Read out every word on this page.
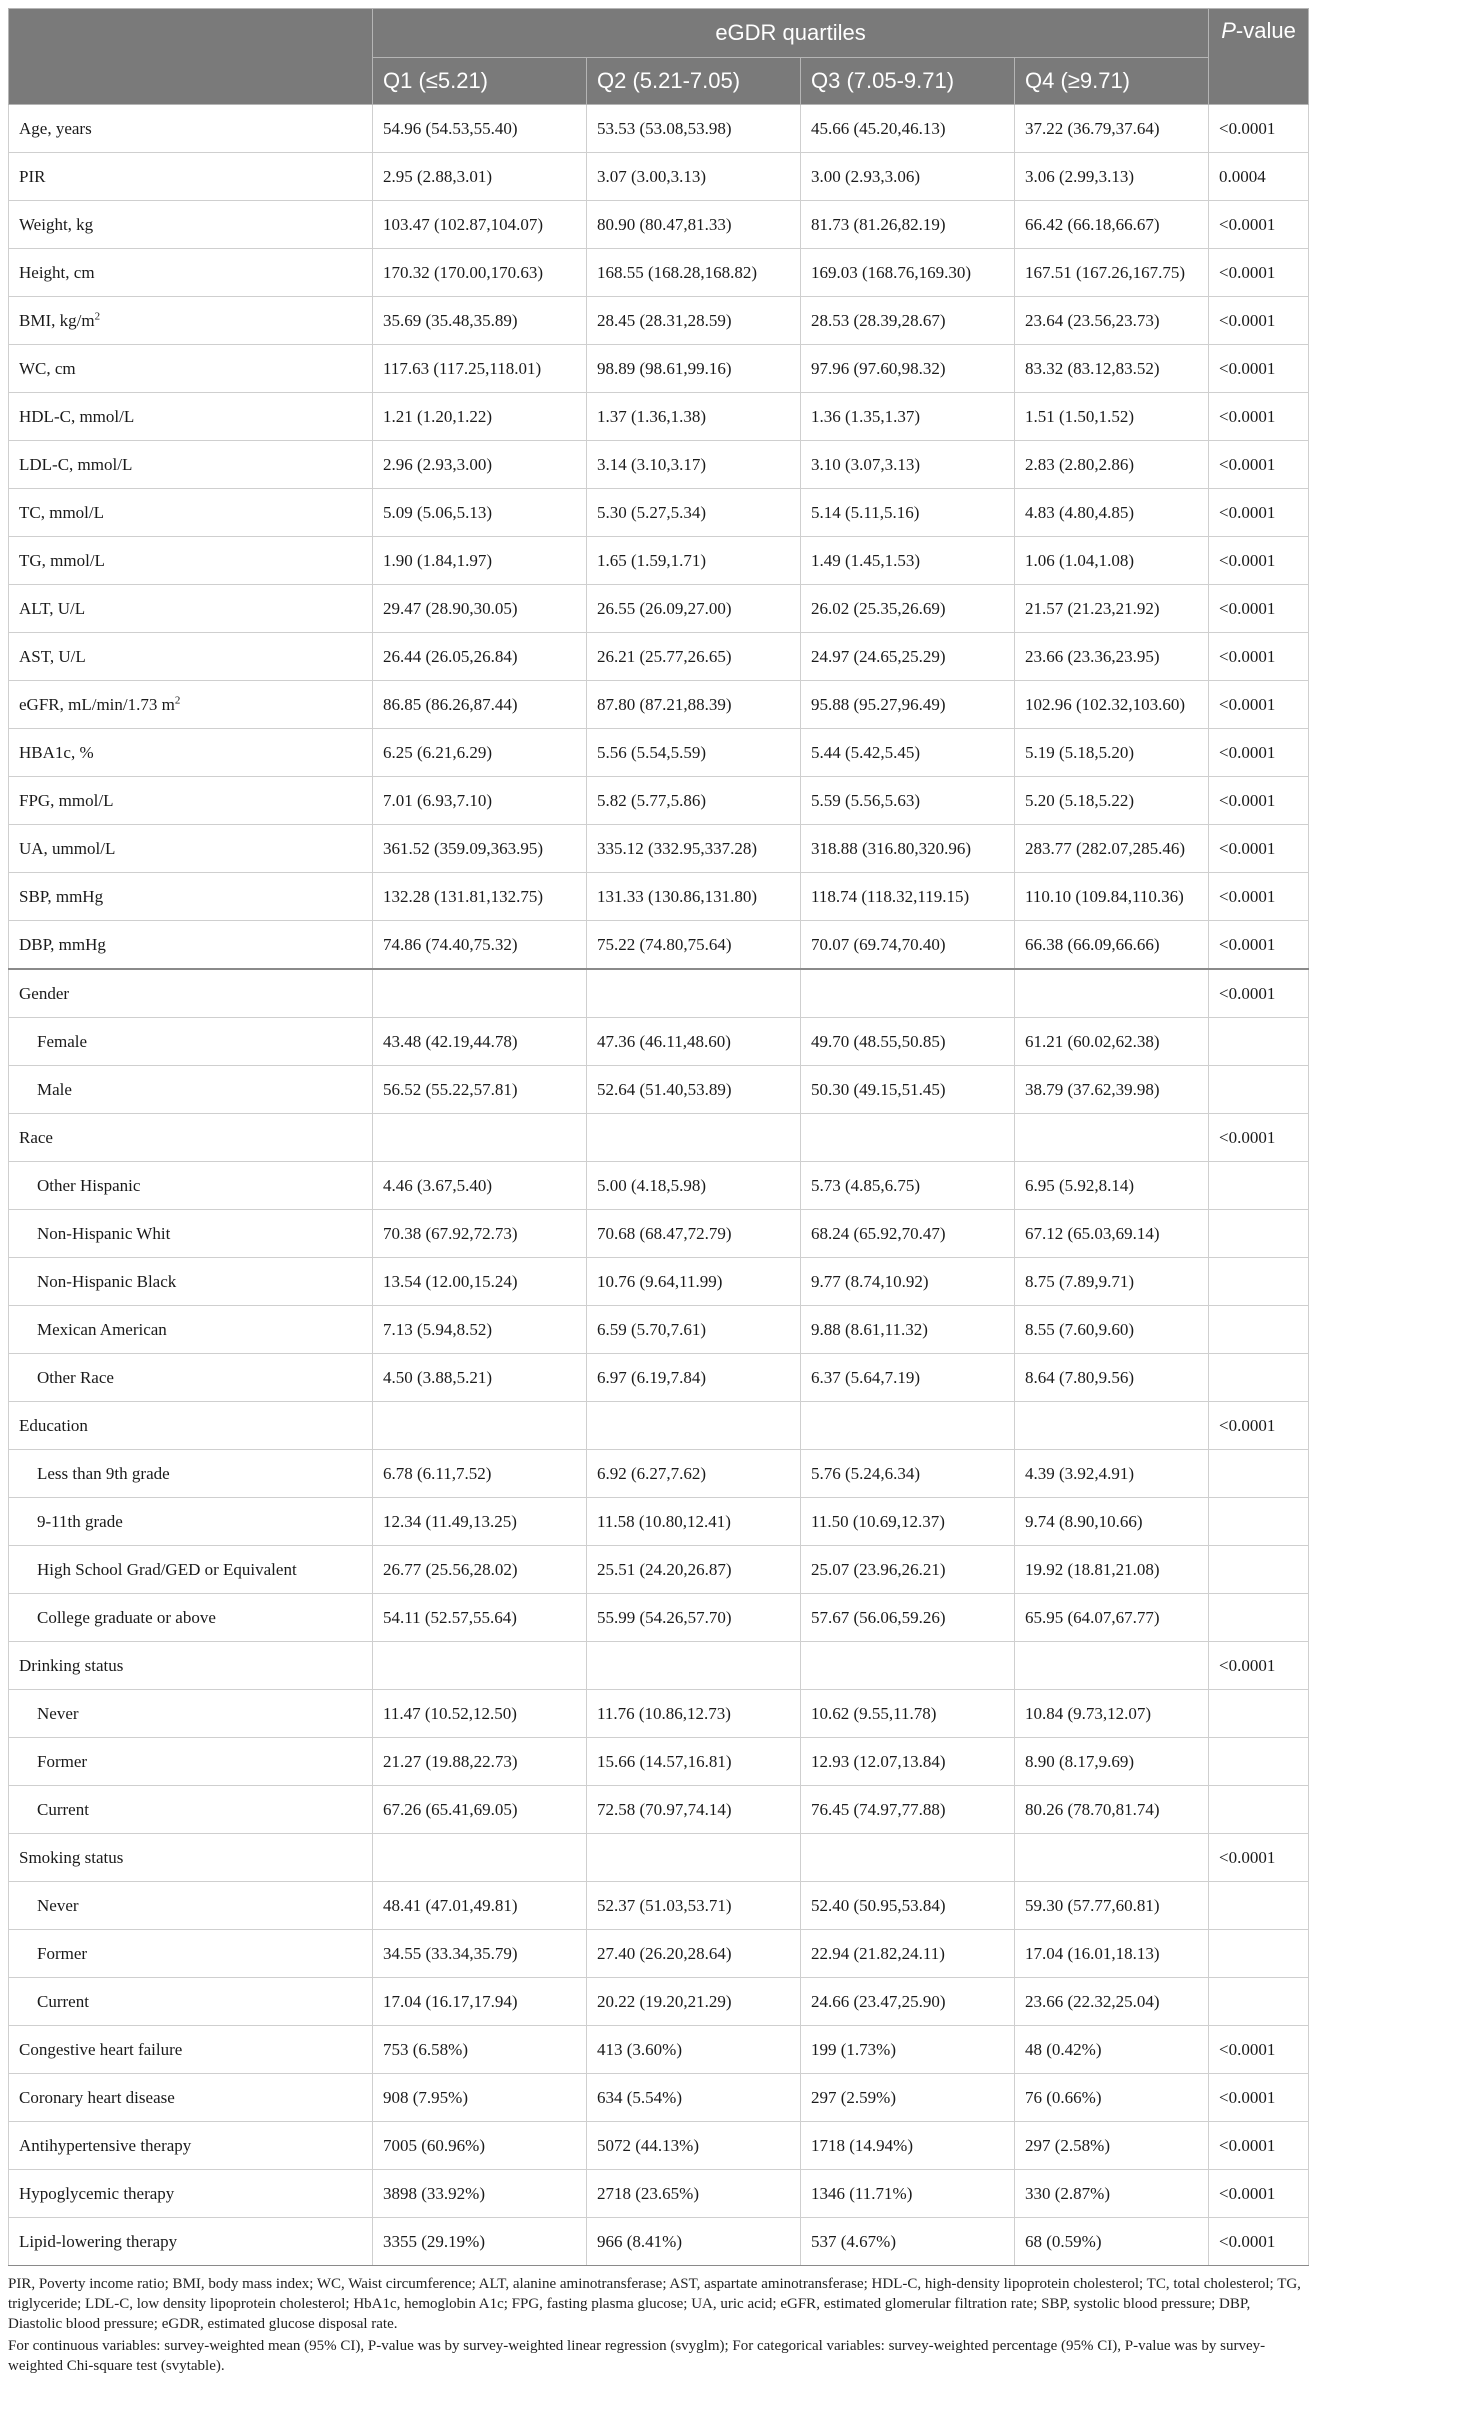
	eGDR quartiles				P-value
	Q1 (≤5.21)	Q2 (5.21-7.05)	Q3 (7.05-9.71)	Q4 (≥9.71)	
Age, years	54.96 (54.53,55.40)	53.53 (53.08,53.98)	45.66 (45.20,46.13)	37.22 (36.79,37.64)	<0.0001
PIR	2.95 (2.88,3.01)	3.07 (3.00,3.13)	3.00 (2.93,3.06)	3.06 (2.99,3.13)	0.0004
Weight, kg	103.47 (102.87,104.07)	80.90 (80.47,81.33)	81.73 (81.26,82.19)	66.42 (66.18,66.67)	<0.0001
Height, cm	170.32 (170.00,170.63)	168.55 (168.28,168.82)	169.03 (168.76,169.30)	167.51 (167.26,167.75)	<0.0001
BMI, $kg/m^2$	35.69 (35.48,35.89)	28.45 (28.31,28.59)	28.53 (28.39,28.67)	23.64 (23.56,23.73)	<0.0001
WC, cm	117.63 (117.25,118.01)	98.89 (98.61,99.16)	97.96 (97.60,98.32)	83.32 (83.12,83.52)	<0.0001
HDL-C, mmol/L	1.21 (1.20,1.22)	1.37 (1.36,1.38)	1.36 (1.35,1.37)	1.51 (1.50,1.52)	<0.0001
LDL-C, mmol/L	2.96 (2.93,3.00)	3.14 (3.10,3.17)	3.10 (3.07,3.13)	2.83 (2.80,2.86)	<0.0001
TC, mmol/L	5.09 (5.06,5.13)	5.30 (5.27,5.34)	5.14 (5.11,5.16)	4.83 (4.80,4.85)	<0.0001
TG, mmol/L	1.90 (1.84,1.97)	1.65 (1.59,1.71)	1.49 (1.45,1.53)	1.06 (1.04,1.08)	<0.0001
ALT, U/L	29.47 (28.90,30.05)	26.55 (26.09,27.00)	26.02 (25.35,26.69)	21.57 (21.23,21.92)	<0.0001
AST, U/L	26.44 (26.05,26.84)	26.21 (25.77,26.65)	24.97 (24.65,25.29)	23.66 (23.36,23.95)	<0.0001
eGFR, mL/min/1.73 $m^2$	86.85 (86.26,87.44)	87.80 (87.21,88.39)	95.88 (95.27,96.49)	102.96 (102.32,103.60)	<0.0001
HBA1c, %	6.25 (6.21,6.29)	5.56 (5.54,5.59)	5.44 (5.42,5.45)	5.19 (5.18,5.20)	<0.0001
FPG, mmol/L	7.01 (6.93,7.10)	5.82 (5.77,5.86)	5.59 (5.56,5.63)	5.20 (5.18,5.22)	<0.0001
UA, ummol/L	361.52 (359.09,363.95)	335.12 (332.95,337.28)	318.88 (316.80,320.96)	283.77 (282.07,285.46)	<0.0001
SBP, mmHg	132.28 (131.81,132.75)	131.33 (130.86,131.80)	118.74 (118.32,119.15)	110.10 (109.84,110.36)	<0.0001
DBP, mmHg	74.86 (74.40,75.32)	75.22 (74.80,75.64)	70.07 (69.74,70.40)	66.38 (66.09,66.66)	<0.0001
Gender					<0.0001
Female	43.48 (42.19,44.78)	47.36 (46.11,48.60)	49.70 (48.55,50.85)	61.21 (60.02,62.38)	
Male	56.52 (55.22,57.81)	52.64 (51.40,53.89)	50.30 (49.15,51.45)	38.79 (37.62,39.98)	
Race					<0.0001
Other Hispanic	4.46 (3.67,5.40)	5.00 (4.18,5.98)	5.73 (4.85,6.75)	6.95 (5.92,8.14)	
Non-Hispanic Whit	70.38 (67.92,72.73)	70.68 (68.47,72.79)	68.24 (65.92,70.47)	67.12 (65.03,69.14)	
Non-Hispanic Black	13.54 (12.00,15.24)	10.76 (9.64,11.99)	9.77 (8.74,10.92)	8.75 (7.89,9.71)	
Mexican American	7.13 (5.94,8.52)	6.59 (5.70,7.61)	9.88 (8.61,11.32)	8.55 (7.60,9.60)	
Other Race	4.50 (3.88,5.21)	6.97 (6.19,7.84)	6.37 (5.64,7.19)	8.64 (7.80,9.56)	
Education					<0.0001
Less than 9th grade	6.78 (6.11,7.52)	6.92 (6.27,7.62)	5.76 (5.24,6.34)	4.39 (3.92,4.91)	
9-11th grade	12.34 (11.49,13.25)	11.58 (10.80,12.41)	11.50 (10.69,12.37)	9.74 (8.90,10.66)	
High School Grad/GED or Equivalent	26.77 (25.56,28.02)	25.51 (24.20,26.87)	25.07 (23.96,26.21)	19.92 (18.81,21.08)	
College graduate or above	54.11 (52.57,55.64)	55.99 (54.26,57.70)	57.67 (56.06,59.26)	65.95 (64.07,67.77)	
Drinking status					<0.0001
Never	11.47 (10.52,12.50)	11.76 (10.86,12.73)	10.62 (9.55,11.78)	10.84 (9.73,12.07)	
Former	21.27 (19.88,22.73)	15.66 (14.57,16.81)	12.93 (12.07,13.84)	8.90 (8.17,9.69)	
Current	67.26 (65.41,69.05)	72.58 (70.97,74.14)	76.45 (74.97,77.88)	80.26 (78.70,81.74)	
Smoking status					<0.0001
Never	48.41 (47.01,49.81)	52.37 (51.03,53.71)	52.40 (50.95,53.84)	59.30 (57.77,60.81)	
Former	34.55 (33.34,35.79)	27.40 (26.20,28.64)	22.94 (21.82,24.11)	17.04 (16.01,18.13)	
Current	17.04 (16.17,17.94)	20.22 (19.20,21.29)	24.66 (23.47,25.90)	23.66 (22.32,25.04)	
Congestive heart failure	753 (6.58%)	413 (3.60%)	199 (1.73%)	48 (0.42%)	<0.0001
Coronary heart disease	908 (7.95%)	634 (5.54%)	297 (2.59%)	76 (0.66%)	<0.0001
Antihypertensive therapy	7005 (60.96%)	5072 (44.13%)	1718 (14.94%)	297 (2.58%)	<0.0001
Hypoglycemic therapy	3898 (33.92%)	2718 (23.65%)	1346 (11.71%)	330 (2.87%)	<0.0001
Lipid-lowering therapy	3355 (29.19%)	966 (8.41%)	537 (4.67%)	68 (0.59%)	<0.0001

PIR, Poverty income ratio; BMI, body mass index; WC, Waist circumference; ALT, alanine aminotransferase; AST, aspartate aminotransferase; HDL-C, high-density lipoprotein cholesterol; TC, total cholesterol; TG, triglyceride; LDL-C, low density lipoprotein cholesterol; HbA1c, hemoglobin A1c; FPG, fasting plasma glucose; UA, uric acid; eGFR, estimated glomerular filtration rate; SBP, systolic blood pressure; DBP, Diastolic blood pressure; eGDR, estimated glucose disposal rate.

For continuous variables: survey-weighted mean (95% CI), P-value was by survey-weighted linear regression (svyglm); For categorical variables: survey-weighted percentage (95% CI), P-value was by survey-weighted Chi-square test (svytable).
